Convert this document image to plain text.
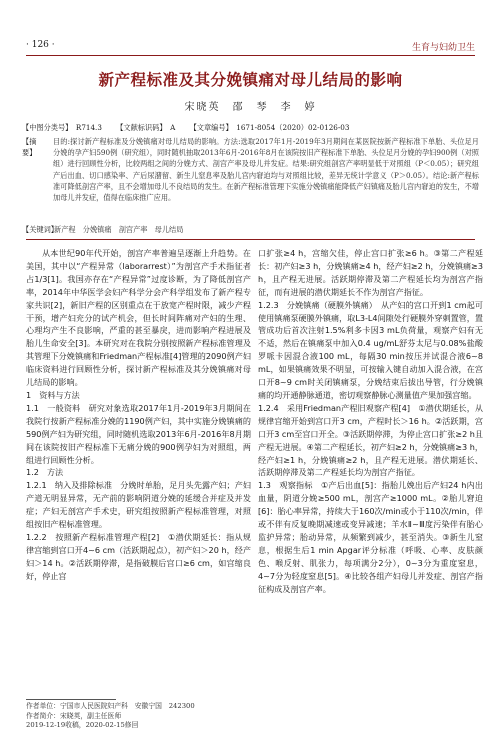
· 126 ·	生育与妇幼卫生
新产程标准及其分娩镇痛对母儿结局的影响
宋晓英　邵　琴　李　婷
【中图分类号】　R714.3 【文献标识码】　A 【文章编号】　1671-8054（2020）02-0126-03
【摘　要】
目的:探讨新产程标准及分娩镇痛对母儿结局的影响。方法:选取2017年1月-2019年3月期间在某医院按新产程标准下单胎、头位足月分娩的孕产妇590例（研究组），同时随机抽取2013年6月-2016年8月在该院按旧产程标准下单胎、头位足月分娩的孕妇900例（对照组）进行回顾性分析，比较两组之间的分娩方式、剖宫产率及母儿并发症。结果:研究组剖宫产率明显低于对照组（P＜0.05）；研究组产后出血、切口感染率、产后尿潴留、新生儿窒息率及胎儿宫内窘迫均与对照组比较，差异无统计学意义（P＞0.05）。结论:新产程标准可降低剖宫产率，且不会增加母儿不良结局的发生。在新产程标准管理下实施分娩镇痛能降低产妇镇痛及胎儿宫内窘迫的发生，不增加母儿并发症，值得在临床推广应用。
【关键词】
新产程　分娩镇痛　剖宫产率　母儿结局

从本世纪90年代开始，剖宫产率普遍呈逐渐上升趋势。在美国，其中以“产程异常（laborarrest）”为剖宫产手术指征者占1/3[1]。我国亦存在“产程异常”过度诊断，为了降低剖宫产率，2014年中华医学会妇产科学分会产科学组发布了新产程专家共识[2]，新旧产程的区别重点在于放宽产程时限，减少产程干预，增产妇充分的试产机会，但长时间阵痛对产妇的生理、心理均产生不良影响，严重的甚至暴戾，进而影响产程进展及胎儿生命安全[3]。本研究对在我院分别按照新产程标准管理及其管理下分娩镇痛和Friedman产程标准[4]管理的2090例产妇临床资料进行回顾性分析，探讨新产程标准及其分娩镇痛对母儿结局的影响。

1　资料与方法

1.1　一般资料　研究对象选取2017年1月-2019年3月期间在我院行按新产程标准分娩的1190例产妇，其中实施分娩镇痛的590例产妇为研究组，同时随机选取2013年6月-2016年8月期间在该院按旧产程标准下无痛分娩的900例孕妇为对照组，两组进行回顾性分析。

1.2　方法

1.2.1　纳入及排除标准　分娩时单胎，足月头先露产妇；产妇产道无明显异常，无产前的影响阴道分娩的延缓合并症及并发症；产妇无剖宫产手术史，研究组按照新产程标准管理，对照组按旧产程标准管理。

1.2.2　按照新产程标准管理产程[2]　①潜伏期延长：指从规律宫缩到宫口开4~6 cm（活跃期起点），初产妇＞20 h，经产妇＞14 h。②活跃期停滞，是指破膜后宫口≥6 cm，如宫缩良好，停止宫

口扩张≥4 h，宫缩欠佳，停止宫口扩张≥6 h。③第二产程延长：初产妇≥3 h，分娩镇痛≥4 h，经产妇≥2 h，分娩镇痛≥3 h，且产程无进展。活跃期停滞及第二产程延长均为剖宫产指征，而有进展的潜伏期延长不作为剖宫产指征。

1.2.3　分娩镇痛（硬膜外镇痛）　从产妇的宫口开到1 cm起可使用镇痛泵硬膜外镇痛，取L3-L4间隙处行硬膜外穿刺置管，置管成功后首次注射1.5%利多卡因3 mL负荷量，观察产妇有无不适，然后在镇痛泵中加入0.4 ug/mL舒芬太尼与0.08%盐酸罗哌卡因混合液100 mL，每隔30 min按压并试混合液6~8 mL，如果镇痛效果不明显，可按输入键自动加入混合液，在宫口开8~9 cm时关闭镇痛泵，分娩结束后拔出导管，行分娩镇痛的均开通静脉通道，密切观察静脉心测量值产果加强宫缩。

1.2.4　采用Friedman产程旧观察产程[4]　①潜伏期延长，从规律宫缩开始到宫口开3 cm，产程时长＞16 h。②活跃期，宫口开3 cm至宫口开全。③活跃期停滞，为停止宫口扩张≥2 h且产程无进展。④第二产程延长，初产妇≥2 h，分娩镇痛≥3 h，经产妇≥1 h，分娩镇痛≥2 h，且产程无进展。潜伏期延长、活跃期停滞及第二产程延长均为剖宫产指征。

1.3　观察指标　①产后出血[5]：指胎儿娩出后产妇24 h内出血量，阴道分娩≥500 mL，剖宫产≥1000 mL。②胎儿窘迫[6]：胎心率异常，持续大于160次/min或小于110次/min，伴或不伴有反复晚期减速或变异减速；羊水Ⅱ~Ⅲ度污染伴有胎心监护异常；胎动异常，从频繁到减少，甚至消失。③新生儿窒息，根据生后1 min Apgar评分标准（呼吸、心率、皮肤颜色、喉反射、肌张力，每项满分2分），0~3分为重度窒息，4~7分为轻度窒息[5]。④比较各组产妇母儿并发症、剖宫产指征构成及剖宫产率。

作者单位：宁国市人民医院妇产科　安徽宁国　242300
作者简介：宋晓英，副主任医师
2019-12-19收稿，2020-02-15修回
